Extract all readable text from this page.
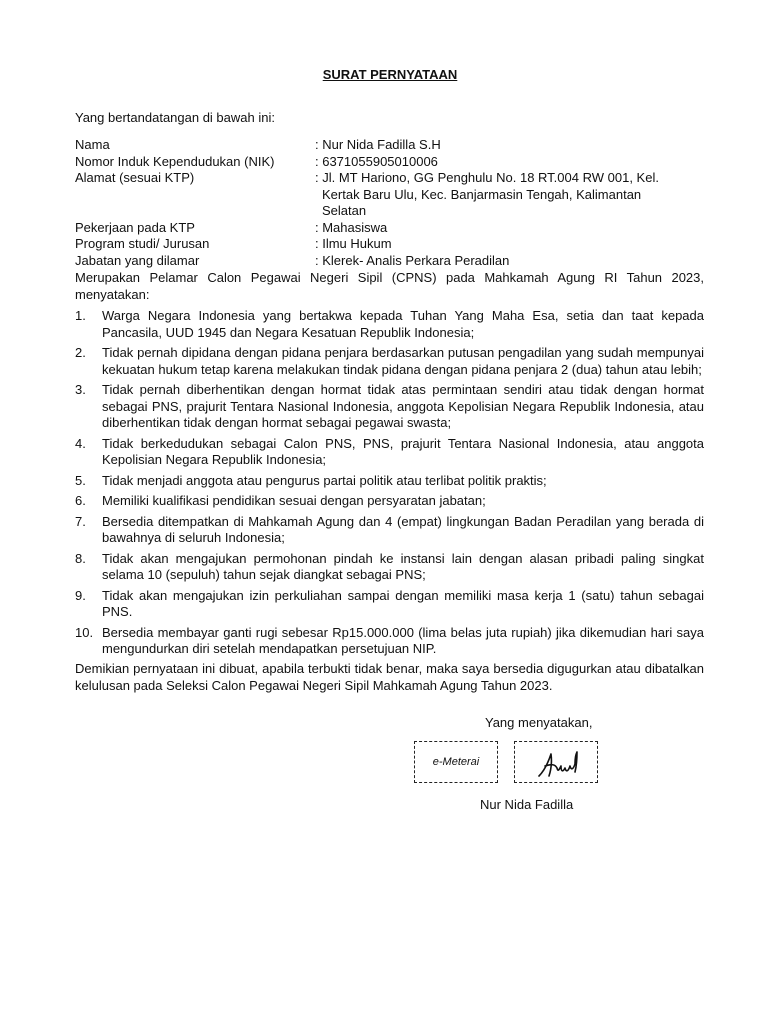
SURAT PERNYATAAN
Yang bertandatangan di bawah ini:
Nama	: Nur Nida Fadilla S.H
Nomor Induk Kependudukan (NIK)	: 6371055905010006
Alamat (sesuai KTP)	: Jl. MT Hariono, GG Penghulu No. 18 RT.004 RW 001, Kel.
Kertak Baru Ulu, Kec. Banjarmasin Tengah, Kalimantan
Selatan
Pekerjaan pada KTP	: Mahasiswa
Program studi/ Jurusan	: Ilmu Hukum
Jabatan yang dilamar	: Klerek- Analis Perkara Peradilan
Merupakan Pelamar Calon Pegawai Negeri Sipil (CPNS) pada Mahkamah Agung RI Tahun 2023, menyatakan:
1.	Warga Negara Indonesia yang bertakwa kepada Tuhan Yang Maha Esa, setia dan taat kepada Pancasila, UUD 1945 dan Negara Kesatuan Republik Indonesia;
2.	Tidak pernah dipidana dengan pidana penjara berdasarkan putusan pengadilan yang sudah mempunyai kekuatan hukum tetap karena melakukan tindak pidana dengan pidana penjara 2 (dua) tahun atau lebih;
3.	Tidak pernah diberhentikan dengan hormat tidak atas permintaan sendiri atau tidak dengan hormat sebagai PNS, prajurit Tentara Nasional Indonesia, anggota Kepolisian Negara Republik Indonesia, atau diberhentikan tidak dengan hormat sebagai pegawai swasta;
4.	Tidak berkedudukan sebagai Calon PNS, PNS, prajurit Tentara Nasional Indonesia, atau anggota Kepolisian Negara Republik Indonesia;
5.	Tidak menjadi anggota atau pengurus partai politik atau terlibat politik praktis;
6.	Memiliki kualifikasi pendidikan sesuai dengan persyaratan jabatan;
7.	Bersedia ditempatkan di Mahkamah Agung dan 4 (empat) lingkungan Badan Peradilan yang berada di bawahnya di seluruh Indonesia;
8.	Tidak akan mengajukan permohonan pindah ke instansi lain dengan alasan pribadi paling singkat selama 10 (sepuluh) tahun sejak diangkat sebagai PNS;
9.	Tidak akan mengajukan izin perkuliahan sampai dengan memiliki masa kerja 1 (satu) tahun sebagai PNS.
10. Bersedia membayar ganti rugi sebesar Rp15.000.000 (lima belas juta rupiah) jika dikemudian hari saya mengundurkan diri setelah mendapatkan persetujuan NIP.
Demikian pernyataan ini dibuat, apabila terbukti tidak benar, maka saya bersedia digugurkan atau dibatalkan kelulusan pada Seleksi Calon Pegawai Negeri Sipil Mahkamah Agung Tahun 2023.
Yang menyatakan,
e-Meterai
Nur Nida Fadilla
